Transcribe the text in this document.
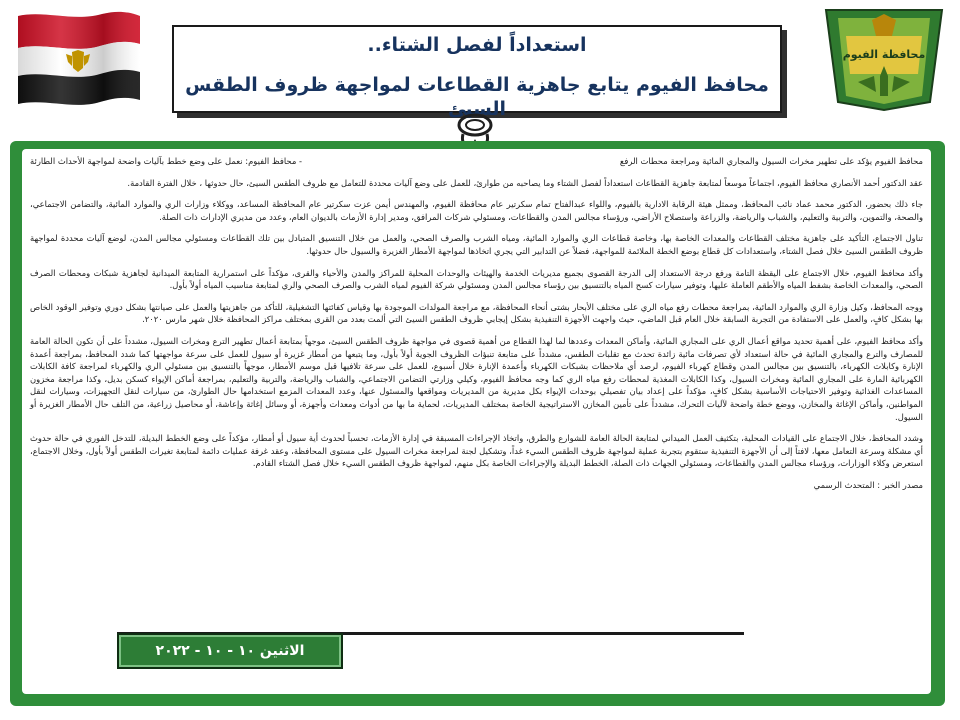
محافظة الفيوم
استعداداً لفصل الشتاء..
محافظ الفيوم يتابع جاهزية القطاعات لمواجهة ظروف الطقس السيئ

محافظ الفيوم يؤكد على تطهير مخرات السيول والمجاري المائية ومراجعة محطات الرفع
- محافظ الفيوم: نعمل على وضع خطط بآليات واضحة لمواجهة الأحداث الطارئة

عقد الدكتور أحمد الأنصاري محافظ الفيوم، اجتماعاً موسعاً لمتابعة جاهزية القطاعات استعداداً لفصل الشتاء وما يصاحبه من طوارئ، للعمل على وضع آليات محددة للتعامل مع ظروف الطقس السيئ، حال حدوثها ، خلال الفترة القادمة.

جاء ذلك بحضور، الدكتور محمد عماد نائب المحافظ، وممثل هيئة الرقابة الادارية بالفيوم، واللواء عبدالفتاح تمام سكرتير عام محافظة الفيوم، والمهندس أيمن عزت سكرتير عام المحافظة المساعد، ووكلاء وزارات الري والموارد المائية، والتضامن الاجتماعي، والصحة، والتموين، والتربية والتعليم، والشباب والرياضة، والزراعة واستصلاح الأراضي، ورؤساء مجالس المدن والقطاعات، ومسئولي شركات المرافق، ومدير إدارة الأزمات بالديوان العام، وعدد من مديري الإدارات ذات الصلة.

تناول الاجتماع، التأكيد على جاهزية مختلف القطاعات والمعدات الخاصة بها، وخاصة قطاعات الري والموارد المائية، ومياه الشرب والصرف الصحي، والعمل من خلال التنسيق المتبادل بين تلك القطاعات ومسئولي مجالس المدن، لوضع آليات محددة لمواجهة ظروف الطقس السيئ خلال فصل الشتاء، واستعدادات كل قطاع بوضع الخطة الملائمة للمواجهة، فضلاً عن التدابير التي يجري اتخاذها لمواجهة الأمطار الغزيرة والسيول حال حدوثها.

وأكد محافظ الفيوم، خلال الاجتماع على اليقظة التامة ورفع درجة الاستعداد إلى الدرجة القصوى بجميع مديريات الخدمة والهيئات والوحدات المحلية للمراكز والمدن والأحياء والقرى، مؤكداً على استمرارية المتابعة الميدانية لجاهزية شبكات ومحطات الصرف الصحي، والمعدات الخاصة بشفط المياه والأطقم العاملة عليها، وتوفير سيارات كسح المياه بالتنسيق بين رؤساء مجالس المدن ومسئولي شركة الفيوم لمياه الشرب والصرف الصحي والري لمتابعة مناسيب المياه أولاً بأول.

ووجه المحافظ، وكيل وزارة الري والموارد المائية، بمراجعة محطات رفع مياه الري على مختلف الأبحار بشتى أنحاء المحافظة، مع مراجعة المولدات الموجودة بها وقياس كفائتها التشغيلية، للتأكد من جاهزيتها والعمل على صيانتها بشكل دوري وتوفير الوقود الخاص بها بشكل كافٍ، والعمل على الاستفادة من التجربة السابقة خلال العام قبل الماضي، حيث واجهت الأجهزة التنفيذية بشكل إيجابي ظروف الطقس السيئ التي ألمت بعدد من القرى بمختلف مراكز المحافظة خلال شهر مارس ٢٠٢٠.

وأكد محافظ الفيوم، على أهمية تحديد مواقع أعمال الري على المجاري المائية، وأماكن المعدات وعددها لما لهذا القطاع من أهمية قصوى في مواجهة ظروف الطقس السيئ، موجهاً بمتابعة أعمال تطهير الترع ومخرات السيول، مشدداً على أن تكون الحالة العامة للمصارف والترع والمجاري المائية في حالة استعداد لأي تصرفات مائية زائدة تحدث مع تقلبات الطقس، مشدداً على متابعة تنبؤات الظروف الجوية أولاً بأول، وما يتبعها من أمطار غزيرة أو سيول للعمل على سرعة مواجهتها كما شدد المحافظ، بمراجعة أعمدة الإنارة وكابلات الكهرباء، بالتنسيق بين مجالس المدن وقطاع كهرباء الفيوم، لرصد أي ملاحظات بشبكات الكهرباء وأعمدة الإنارة خلال أسبوع، للعمل على سرعة تلافيها قبل موسم الأمطار، موجهاً بالتنسيق بين مسئولي الري والكهرباء لمراجعة كافة الكابلات الكهربائية المارة على المجاري المائية ومخرات السيول، وكذا الكابلات المغذية لمحطات رفع مياه الري كما وجه محافظ الفيوم، وكيلي وزارتي التضامن الاجتماعي، والشباب والرياضة، والتربية والتعليم، بمراجعة أماكن الإيواء كسكن بديل، وكذا مراجعة مخزون المساعدات الغذائية وتوفير الاحتياجات الأساسية بشكل كافٍ، مؤكداً على إعداد بيان تفصيلي بوحدات الإيواء بكل مديرية من المديريات ومواقعها والمسئول عنها، وعدد المعدات المزمع استخدامها حال الطوارئ، من سيارات لنقل التجهيزات، وسيارات لنقل المواطنين، وأماكن الإغاثة والمخازن، ووضع خطة واضحة لآليات التحرك، مشدداً على تأمين المخازن الاستراتيجية الخاصة بمختلف المديريات، لحماية ما بها من أدوات ومعدات وأجهزة، أو وسائل إغاثة وإعاشة، أو محاصيل زراعية، من التلف حال الأمطار الغزيرة أو السيول.

وشدد المحافظ، خلال الاجتماع على القيادات المحلية، بتكثيف العمل الميداني لمتابعة الحالة العامة للشوارع والطرق، واتخاذ الإجراءات المسبقة في إدارة الأزمات، تحسباً لحدوث أية سيول أو أمطار، مؤكداً على وضع الخطط البديلة، للتدخل الفوري في حالة حدوث أي مشكلة وسرعة التعامل معها، لافتاً إلى أن الأجهزة التنفيذية ستقوم بتجربة عملية لمواجهة ظروف الطقس السيء غداً، وتشكيل لجنة لمراجعة مخرات السيول على مستوى المحافظة، وعقد غرفة عمليات دائمة لمتابعة تغيرات الطقس أولاً بأول، وخلال الاجتماع، استعرض وكلاء الوزارات، ورؤساء مجالس المدن والقطاعات، ومسئولي الجهات ذات الصلة، الخطط البديلة والإجراءات الخاصة بكل منهم، لمواجهة ظروف الطقس السيء خلال فصل الشتاء القادم.

مصدر الخبر : المتحدث الرسمي

الاثنين ١٠ - ١٠ - ٢٠٢٢
